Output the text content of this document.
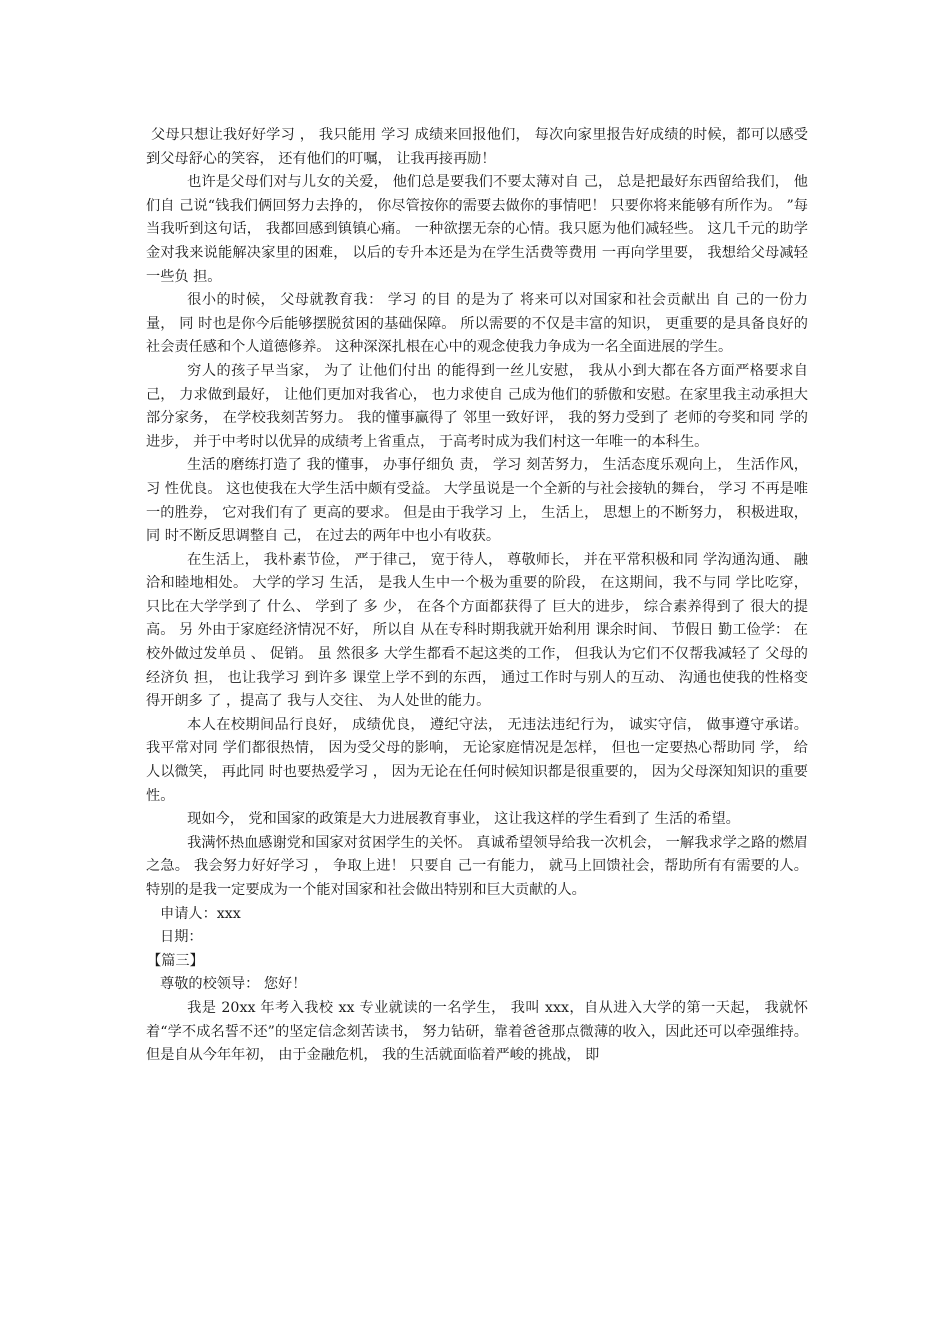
父母只想让我好好学习 ， 我只能用 学习 成绩来回报他们， 每次向家里报告好成绩的时候，都可以感受到父母舒心的笑容， 还有他们的叮嘱， 让我再接再励！

也许是父母们对与儿女的关爱， 他们总是要我们不要太薄对自 己， 总是把最好东西留给我们， 他们自 己说“钱我们俩回努力去挣的， 你尽管按你的需要去做你的事情吧！ 只要你将来能够有所作为。 ”每当我听到这句话， 我都回感到镇镇心痛。 一种欲摆无奈的心情。我只愿为他们减轻些。 这几千元的助学金对我来说能解决家里的困难， 以后的专升本还是为在学生活费等费用 一再向学里要， 我想给父母减轻一些负 担。

很小的时候， 父母就教育我： 学习 的目 的是为了 将来可以对国家和社会贡献出 自 己的一份力量， 同 时也是你今后能够摆脱贫困的基础保障。 所以需要的不仅是丰富的知识， 更重要的是具备良好的社会责任感和个人道德修养。 这种深深扎根在心中的观念使我力争成为一名全面进展的学生。

穷人的孩子早当家， 为了 让他们付出 的能得到一丝儿安慰， 我从小到大都在各方面严格要求自 己， 力求做到最好， 让他们更加对我省心， 也力求使自 己成为他们的骄傲和安慰。在家里我主动承担大部分家务， 在学校我刻苦努力。 我的懂事赢得了 邻里一致好评， 我的努力受到了 老师的夸奖和同 学的进步， 并于中考时以优异的成绩考上省重点， 于高考时成为我们村这一年唯一的本科生。

生活的磨练打造了 我的懂事， 办事仔细负 责， 学习 刻苦努力， 生活态度乐观向上， 生活作风， 习 性优良。 这也使我在大学生活中颇有受益。 大学虽说是一个全新的与社会接轨的舞台， 学习 不再是唯一的胜券， 它对我们有了 更高的要求。 但是由于我学习 上， 生活上， 思想上的不断努力， 积极进取， 同 时不断反思调整自 己， 在过去的两年中也小有收获。

在生活上， 我朴素节俭， 严于律己， 宽于待人， 尊敬师长， 并在平常积极和同 学沟通沟通、 融洽和睦地相处。 大学的学习 生活， 是我人生中一个极为重要的阶段， 在这期间，我不与同 学比吃穿， 只比在大学学到了 什么、 学到了 多 少， 在各个方面都获得了 巨大的进步， 综合素养得到了 很大的提高。 另 外由于家庭经济情况不好， 所以自 从在专科时期我就开始利用 课余时间、 节假日 勤工俭学： 在校外做过发单员 、 促销。 虽 然很多 大学生都看不起这类的工作， 但我认为它们不仅帮我减轻了 父母的经济负 担， 也让我学习 到许多 课堂上学不到的东西， 通过工作时与别人的互动、 沟通也使我的性格变得开朗多 了 ，提高了 我与人交往、 为人处世的能力。

本人在校期间品行良好， 成绩优良， 遵纪守法， 无违法违纪行为， 诚实守信， 做事遵守承诺。 我平常对同 学们都很热情， 因为受父母的影响， 无论家庭情况是怎样， 但也一定要热心帮助同 学， 给人以微笑， 再此同 时也要热爱学习 ， 因为无论在任何时候知识都是很重要的， 因为父母深知知识的重要性。

现如今， 党和国家的政策是大力进展教育事业， 这让我这样的学生看到了 生活的希望。

我满怀热血感谢党和国家对贫困学生的关怀。 真诚希望领导给我一次机会， 一解我求学之路的燃眉之急。 我会努力好好学习 ， 争取上进！ 只要自 己一有能力， 就马上回馈社会，帮助所有有需要的人。 特别的是我一定要成为一个能对国家和社会做出特别和巨大贡献的人。

申请人：xxx

日期：

【篇三】

尊敬的校领导： 您好！

我是 20xx 年考入我校 xx 专业就读的一名学生， 我叫 xxx，自从进入大学的第一天起， 我就怀着“学不成名誓不还”的坚定信念刻苦读书， 努力钻研，靠着爸爸那点微薄的收入，因此还可以牵强维持。 但是自从今年年初， 由于金融危机， 我的生活就面临着严峻的挑战， 即
